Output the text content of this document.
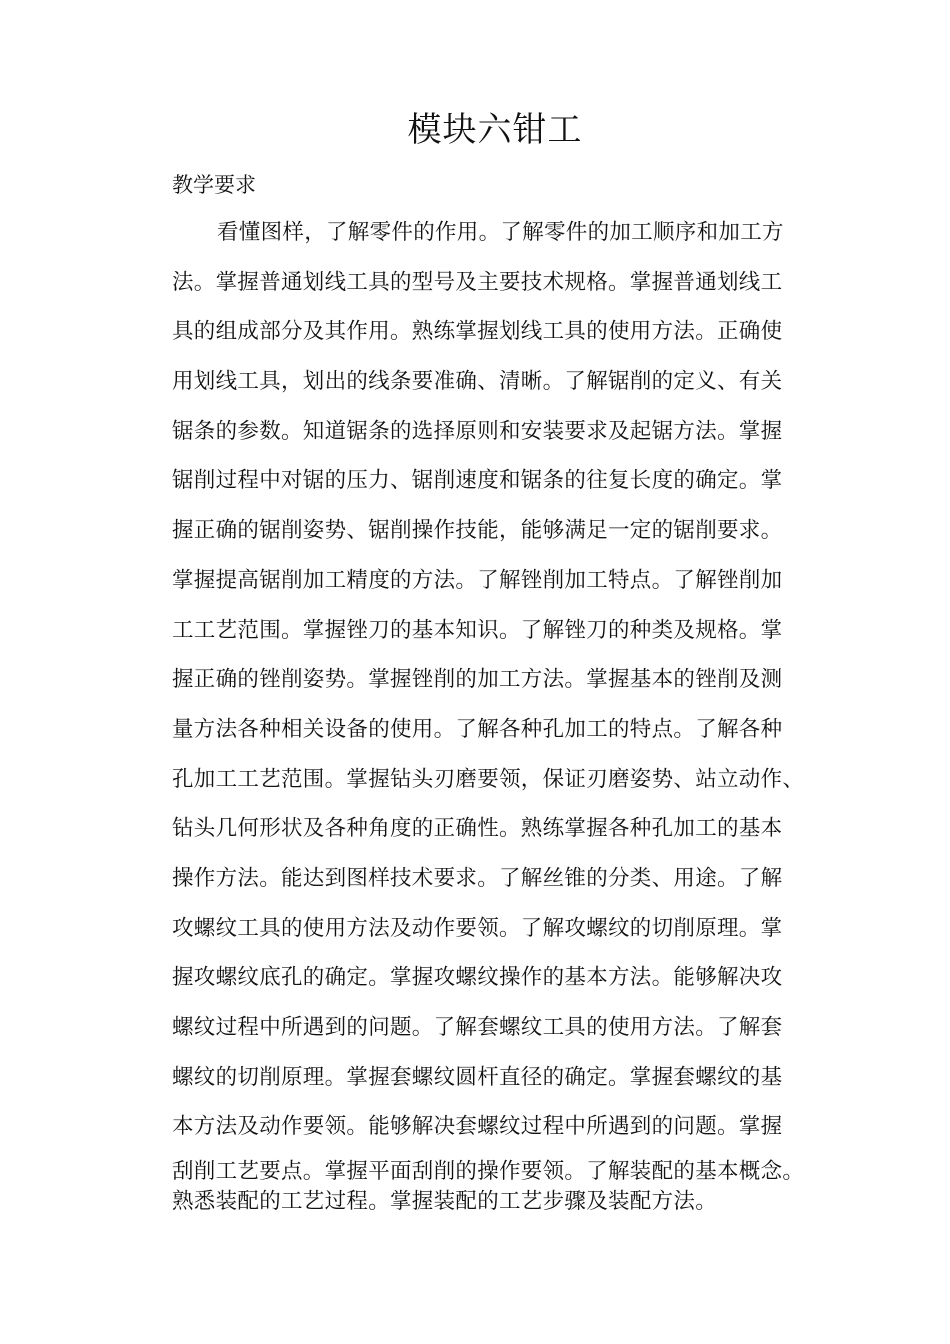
模块六钳工
教学要求
看懂图样，了解零件的作用。了解零件的加工顺序和加工方
法。掌握普通划线工具的型号及主要技术规格。掌握普通划线工
具的组成部分及其作用。熟练掌握划线工具的使用方法。正确使
用划线工具，划出的线条要准确、清晰。了解锯削的定义、有关
锯条的参数。知道锯条的选择原则和安装要求及起锯方法。掌握
锯削过程中对锯的压力、锯削速度和锯条的往复长度的确定。掌
握正确的锯削姿势、锯削操作技能，能够满足一定的锯削要求。
掌握提高锯削加工精度的方法。了解锉削加工特点。了解锉削加
工工艺范围。掌握锉刀的基本知识。了解锉刀的种类及规格。掌
握正确的锉削姿势。掌握锉削的加工方法。掌握基本的锉削及测
量方法各种相关设备的使用。了解各种孔加工的特点。了解各种
孔加工工艺范围。掌握钻头刃磨要领，保证刃磨姿势、站立动作、
钻头几何形状及各种角度的正确性。熟练掌握各种孔加工的基本
操作方法。能达到图样技术要求。了解丝锥的分类、用途。了解
攻螺纹工具的使用方法及动作要领。了解攻螺纹的切削原理。掌
握攻螺纹底孔的确定。掌握攻螺纹操作的基本方法。能够解决攻
螺纹过程中所遇到的问题。了解套螺纹工具的使用方法。了解套
螺纹的切削原理。掌握套螺纹圆杆直径的确定。掌握套螺纹的基
本方法及动作要领。能够解决套螺纹过程中所遇到的问题。掌握
刮削工艺要点。掌握平面刮削的操作要领。了解装配的基本概念。
熟悉装配的工艺过程。掌握装配的工艺步骤及装配方法。
